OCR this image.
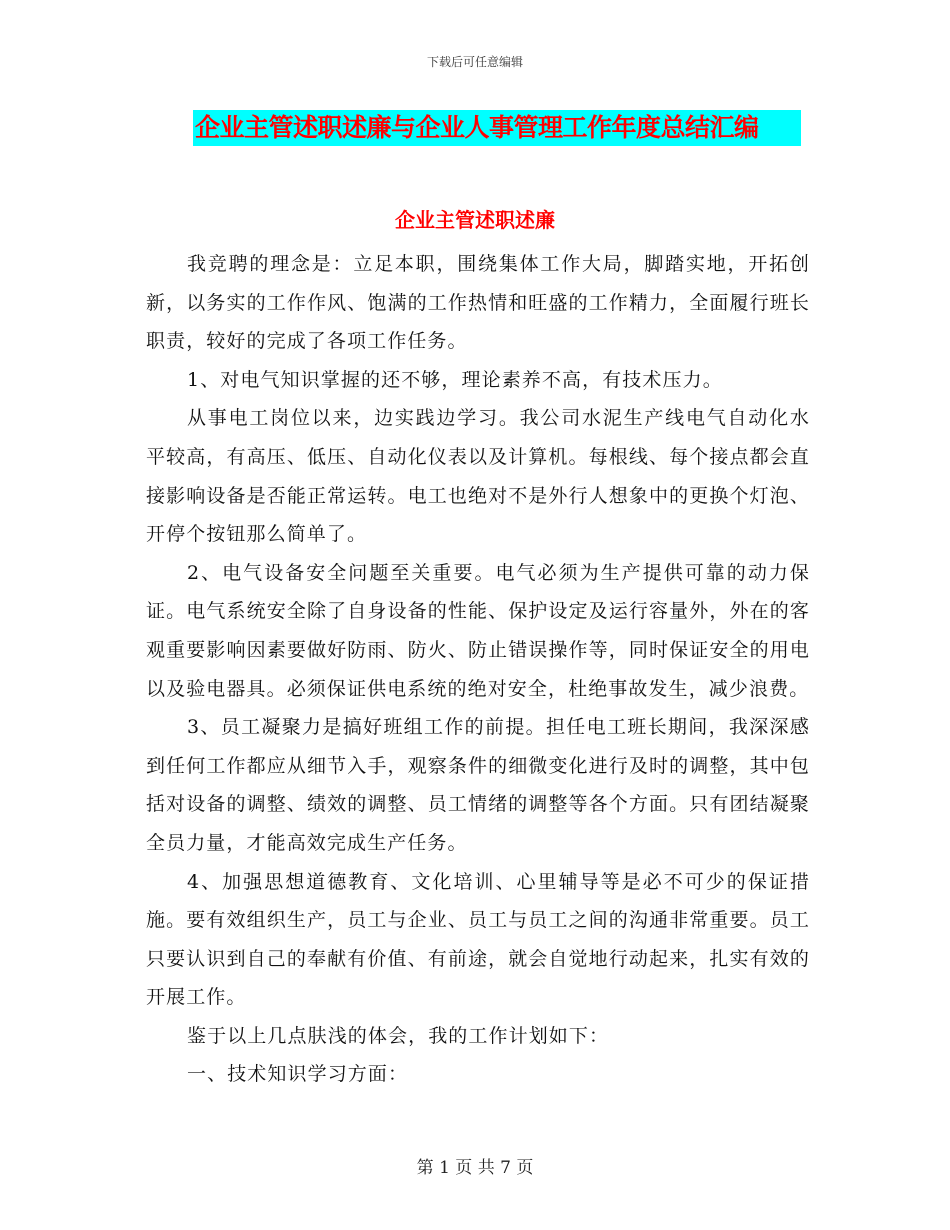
下载后可任意编辑
企业主管述职述廉与企业人事管理工作年度总结汇编
企业主管述职述廉

我竞聘的理念是：立足本职，围绕集体工作大局，脚踏实地，开拓创新，以务实的工作作风、饱满的工作热情和旺盛的工作精力，全面履行班长职责，较好的完成了各项工作任务。

1、对电气知识掌握的还不够，理论素养不高，有技术压力。

从事电工岗位以来，边实践边学习。我公司水泥生产线电气自动化水平较高，有高压、低压、自动化仪表以及计算机。每根线、每个接点都会直接影响设备是否能正常运转。电工也绝对不是外行人想象中的更换个灯泡、开停个按钮那么简单了。

2、电气设备安全问题至关重要。电气必须为生产提供可靠的动力保证。电气系统安全除了自身设备的性能、保护设定及运行容量外，外在的客观重要影响因素要做好防雨、防火、防止错误操作等，同时保证安全的用电以及验电器具。必须保证供电系统的绝对安全，杜绝事故发生，减少浪费。

3、员工凝聚力是搞好班组工作的前提。担任电工班长期间，我深深感到任何工作都应从细节入手，观察条件的细微变化进行及时的调整，其中包括对设备的调整、绩效的调整、员工情绪的调整等各个方面。只有团结凝聚全员力量，才能高效完成生产任务。

4、加强思想道德教育、文化培训、心里辅导等是必不可少的保证措施。要有效组织生产，员工与企业、员工与员工之间的沟通非常重要。员工只要认识到自己的奉献有价值、有前途，就会自觉地行动起来，扎实有效的开展工作。

鉴于以上几点肤浅的体会，我的工作计划如下：

一、技术知识学习方面：

第 1 页 共 7 页
